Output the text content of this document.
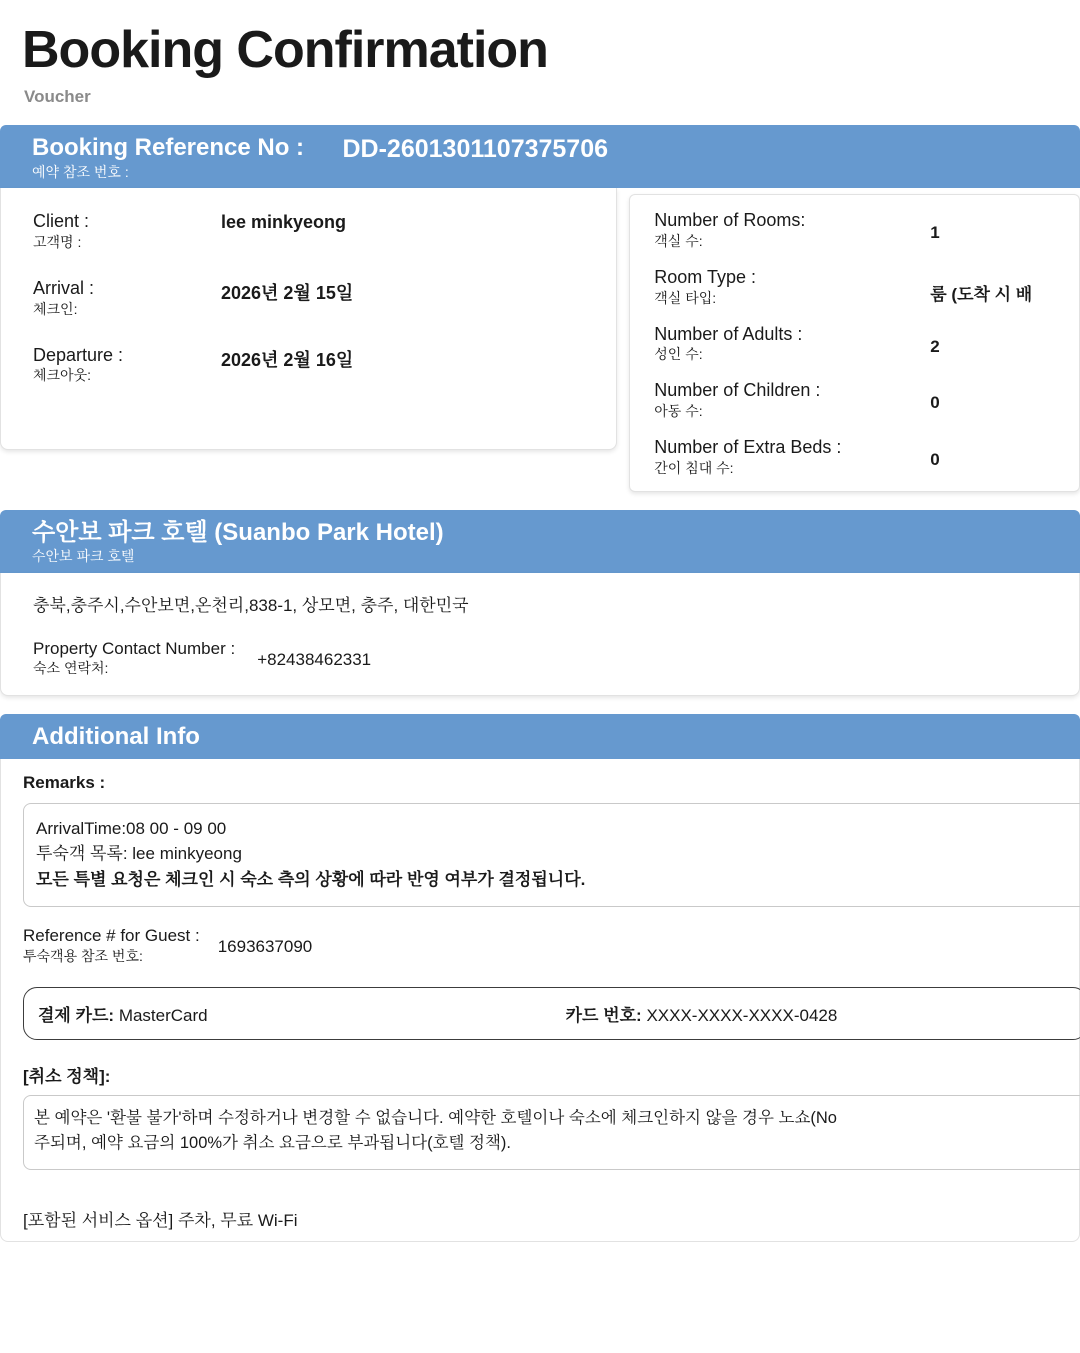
Booking Confirmation
Voucher
Booking Reference No :
예약 참조 번호 :
DD-2601301107375706
Client :
고객명 :
lee minkyeong
Arrival :
체크인:
2026년 2월 15일
Departure :
체크아웃:
2026년 2월 16일
Number of Rooms:
객실 수:	1
Room Type :
객실 타입:	룸 (도착 시 배
Number of Adults :
성인 수:	2
Number of Children :
아동 수:	0
Number of Extra Beds :
간이 침대 수:	0
수안보 파크 호텔 (Suanbo Park Hotel)
수안보 파크 호텔
충북,충주시,수안보면,온천리,838-1, 상모면, 충주, 대한민국
Property Contact Number :
숙소 연락처:	+82438462331
Additional Info
Remarks :
ArrivalTime:08 00 - 09 00
투숙객 목록: lee minkyeong
모든 특별 요청은 체크인 시 숙소 측의 상황에 따라 반영 여부가 결정됩니다.
Reference # for Guest :
투숙객용 참조 번호:	1693637090
결제 카드: MasterCard	카드 번호: XXXX-XXXX-XXXX-0428
[취소 정책]:
본 예약은 '환불 불가'하며 수정하거나 변경할 수 없습니다. 예약한 호텔이나 숙소에 체크인하지 않을 경우 노쇼(No
주되며, 예약 요금의 100%가 취소 요금으로 부과됩니다(호텔 정책).
[포함된 서비스 옵션] 주차, 무료 Wi-Fi
